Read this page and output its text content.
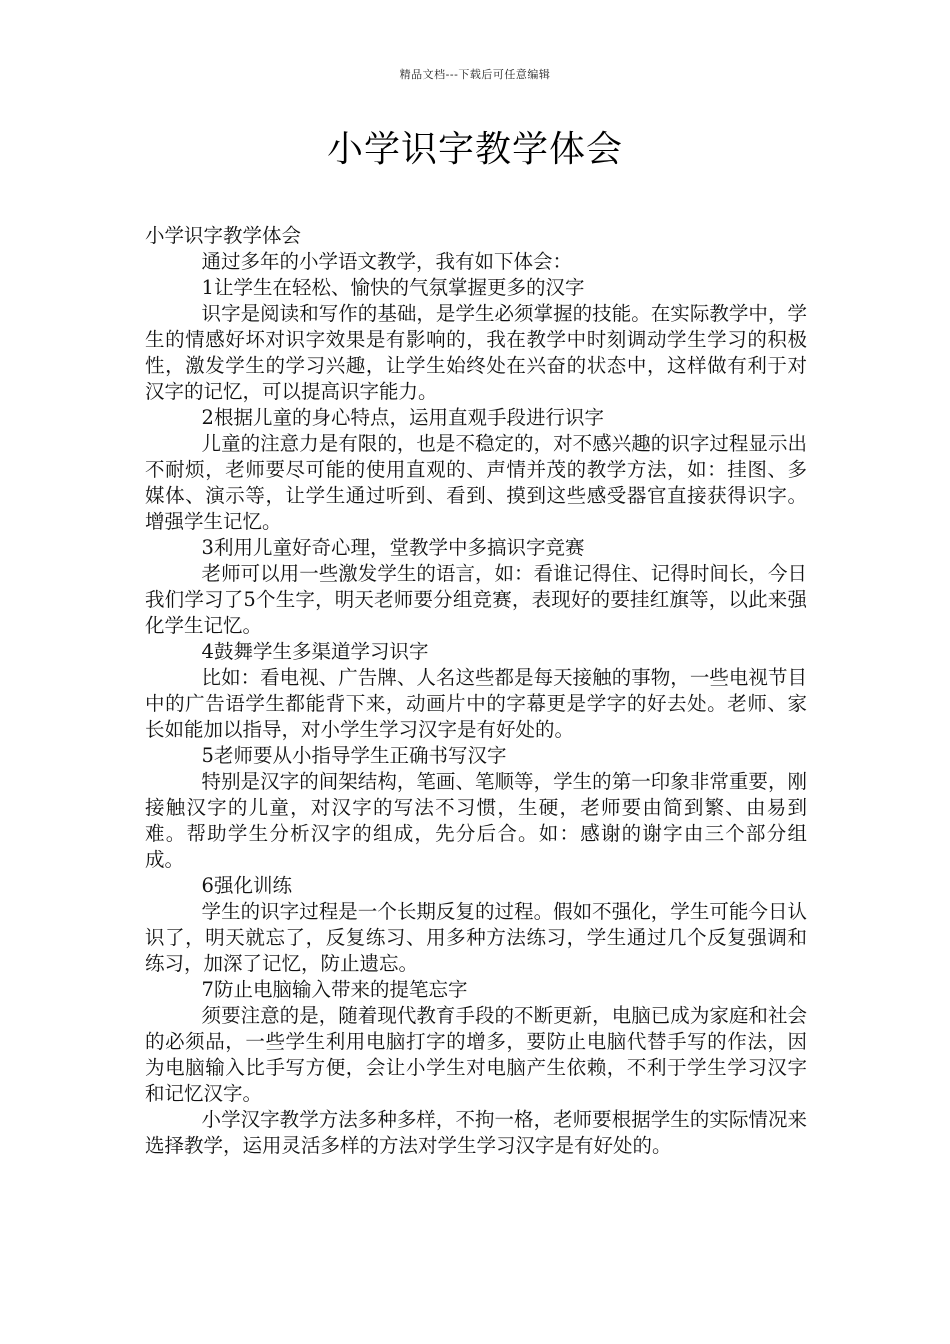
精品文档---下载后可任意编辑
小学识字教学体会

小学识字教学体会

通过多年的小学语文教学，我有如下体会：

1让学生在轻松、愉快的气氛掌握更多的汉字

识字是阅读和写作的基础，是学生必须掌握的技能。在实际教学中，学生的情感好坏对识字效果是有影响的，我在教学中时刻调动学生学习的积极性，激发学生的学习兴趣，让学生始终处在兴奋的状态中，这样做有利于对汉字的记忆，可以提高识字能力。

2根据儿童的身心特点，运用直观手段进行识字

儿童的注意力是有限的，也是不稳定的，对不感兴趣的识字过程显示出不耐烦，老师要尽可能的使用直观的、声情并茂的教学方法，如：挂图、多媒体、演示等，让学生通过听到、看到、摸到这些感受器官直接获得识字。增强学生记忆。

3利用儿童好奇心理，堂教学中多搞识字竞赛

老师可以用一些激发学生的语言，如：看谁记得住、记得时间长，今日我们学习了5个生字，明天老师要分组竞赛，表现好的要挂红旗等，以此来强化学生记忆。

4鼓舞学生多渠道学习识字

比如：看电视、广告牌、人名这些都是每天接触的事物，一些电视节目中的广告语学生都能背下来，动画片中的字幕更是学字的好去处。老师、家长如能加以指导，对小学生学习汉字是有好处的。

5老师要从小指导学生正确书写汉字

特别是汉字的间架结构，笔画、笔顺等，学生的第一印象非常重要，刚接触汉字的儿童，对汉字的写法不习惯，生硬，老师要由简到繁、由易到难。帮助学生分析汉字的组成，先分后合。如：感谢的谢字由三个部分组成。

6强化训练

学生的识字过程是一个长期反复的过程。假如不强化，学生可能今日认识了，明天就忘了，反复练习、用多种方法练习，学生通过几个反复强调和练习，加深了记忆，防止遗忘。

7防止电脑输入带来的提笔忘字

须要注意的是，随着现代教育手段的不断更新，电脑已成为家庭和社会的必须品，一些学生利用电脑打字的增多，要防止电脑代替手写的作法，因为电脑输入比手写方便，会让小学生对电脑产生依赖，不利于学生学习汉字和记忆汉字。

小学汉字教学方法多种多样，不拘一格，老师要根据学生的实际情况来选择教学，运用灵活多样的方法对学生学习汉字是有好处的。
